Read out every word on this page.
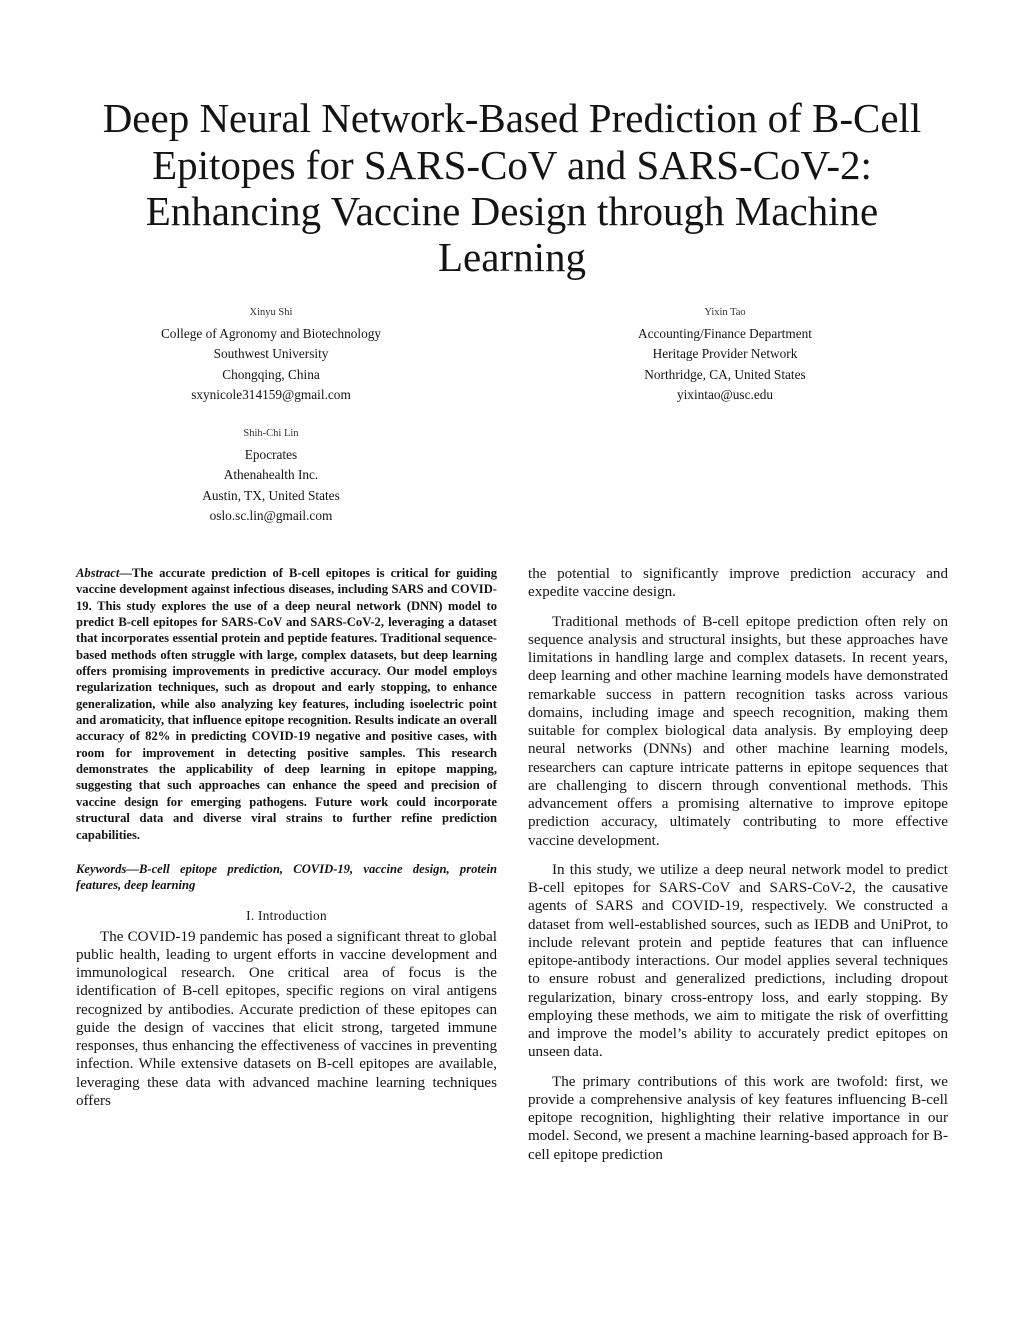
Deep Neural Network-Based Prediction of B-Cell
Epitopes for SARS-CoV and SARS-CoV-2:
Enhancing Vaccine Design through Machine
Learning
Xinyu Shi
College of Agronomy and Biotechnology
Southwest University
Chongqing, China
sxynicole314159@gmail.com
Yixin Tao
Accounting/Finance Department
Heritage Provider Network
Northridge, CA, United States
yixintao@usc.edu
Shih-Chi Lin
Epocrates
Athenahealth Inc.
Austin, TX, United States
oslo.sc.lin@gmail.com

Abstract—The accurate prediction of B-cell epitopes is critical for guiding vaccine development against infectious diseases, including SARS and COVID-19. This study explores the use of a deep neural network (DNN) model to predict B-cell epitopes for SARS-CoV and SARS-CoV-2, leveraging a dataset that incorporates essential protein and peptide features. Traditional sequence-based methods often struggle with large, complex datasets, but deep learning offers promising improvements in predictive accuracy. Our model employs regularization techniques, such as dropout and early stopping, to enhance generalization, while also analyzing key features, including isoelectric point and aromaticity, that influence epitope recognition. Results indicate an overall accuracy of 82% in predicting COVID-19 negative and positive cases, with room for improvement in detecting positive samples. This research demonstrates the applicability of deep learning in epitope mapping, suggesting that such approaches can enhance the speed and precision of vaccine design for emerging pathogens. Future work could incorporate structural data and diverse viral strains to further refine prediction capabilities.

Keywords—B-cell epitope prediction, COVID-19, vaccine design, protein features, deep learning

I. Introduction

The COVID-19 pandemic has posed a significant threat to global public health, leading to urgent efforts in vaccine development and immunological research. One critical area of focus is the identification of B-cell epitopes, specific regions on viral antigens recognized by antibodies. Accurate prediction of these epitopes can guide the design of vaccines that elicit strong, targeted immune responses, thus enhancing the effectiveness of vaccines in preventing infection. While extensive datasets on B-cell epitopes are available, leveraging these data with advanced machine learning techniques offers

the potential to significantly improve prediction accuracy and expedite vaccine design.

Traditional methods of B-cell epitope prediction often rely on sequence analysis and structural insights, but these approaches have limitations in handling large and complex datasets. In recent years, deep learning and other machine learning models have demonstrated remarkable success in pattern recognition tasks across various domains, including image and speech recognition, making them suitable for complex biological data analysis. By employing deep neural networks (DNNs) and other machine learning models, researchers can capture intricate patterns in epitope sequences that are challenging to discern through conventional methods. This advancement offers a promising alternative to improve epitope prediction accuracy, ultimately contributing to more effective vaccine development.

In this study, we utilize a deep neural network model to predict B-cell epitopes for SARS-CoV and SARS-CoV-2, the causative agents of SARS and COVID-19, respectively. We constructed a dataset from well-established sources, such as IEDB and UniProt, to include relevant protein and peptide features that can influence epitope-antibody interactions. Our model applies several techniques to ensure robust and generalized predictions, including dropout regularization, binary cross-entropy loss, and early stopping. By employing these methods, we aim to mitigate the risk of overfitting and improve the model’s ability to accurately predict epitopes on unseen data.

The primary contributions of this work are twofold: first, we provide a comprehensive analysis of key features influencing B-cell epitope recognition, highlighting their relative importance in our model. Second, we present a machine learning-based approach for B-cell epitope prediction
